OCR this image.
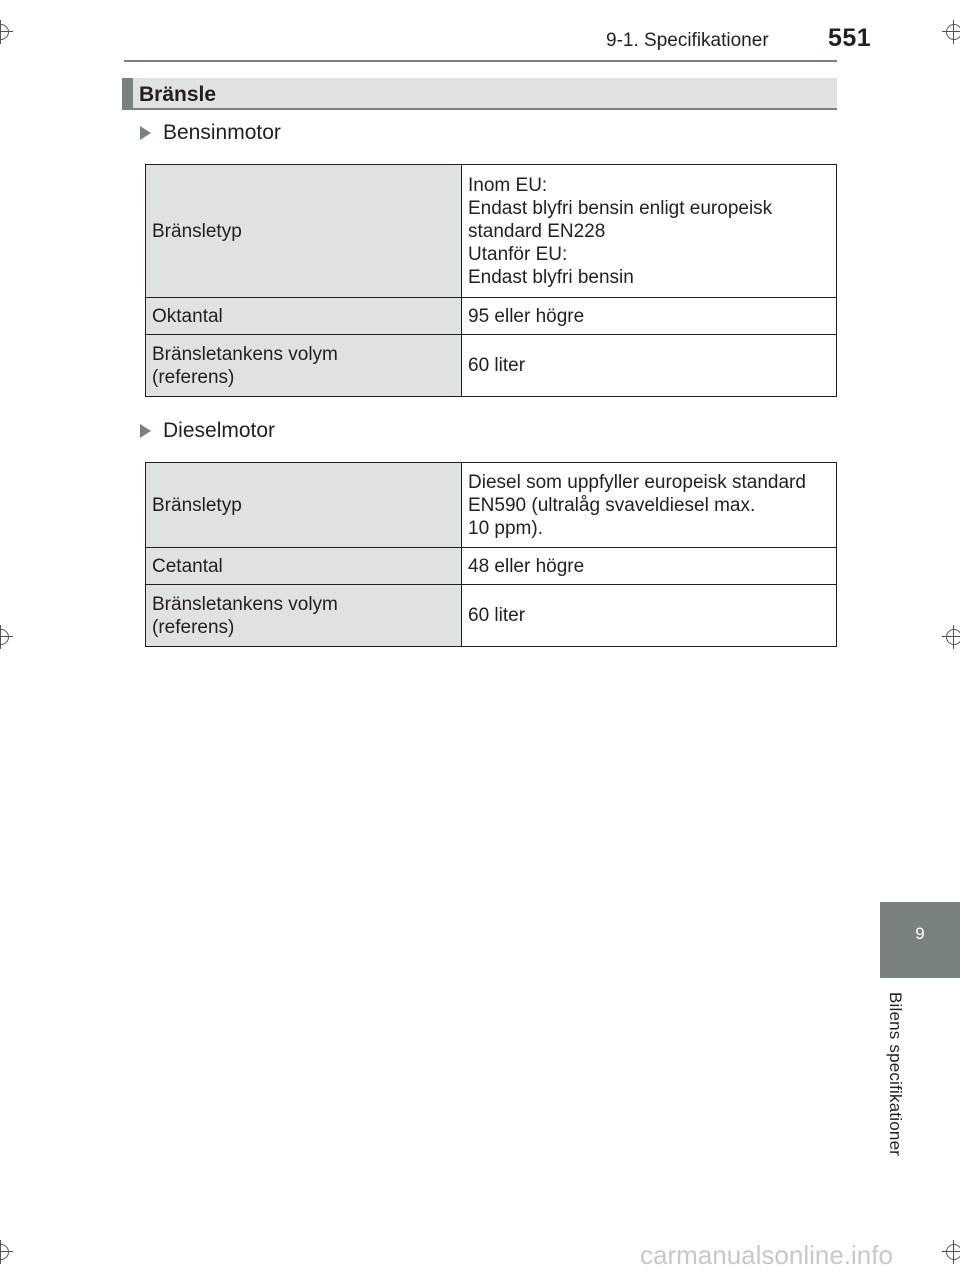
9-1. Specifikationer 551
Bränsle
Bensinmotor
Bränsletyp	Inom EU:
Endast blyfri bensin enligt europeisk
standard EN228
Utanför EU:
Endast blyfri bensin

Oktantal	95 eller högre

Bränsletankens volym
(referens)	60 liter
Dieselmotor
Bränsletyp	Diesel som uppfyller europeisk standard
EN590 (ultralåg svaveldiesel max.
10 ppm).

Cetantal	48 eller högre

Bränsletankens volym
(referens)	60 liter
9
Bilens specifikationer
carmanualsonline.info
